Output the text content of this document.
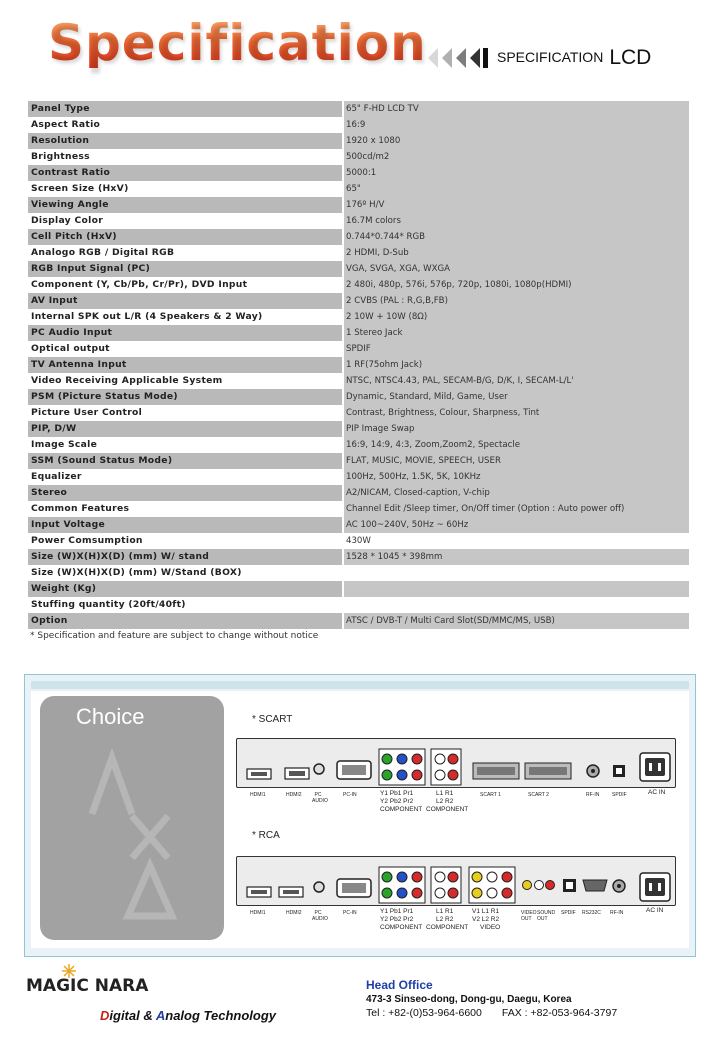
Specification	SPECIFICATION LCD
Panel Type	65" F-HD LCD TV
Aspect Ratio	16:9
Resolution	1920 x 1080
Brightness	500cd/m2
Contrast Ratio	5000:1
Screen Size (HxV)	65"
Viewing Angle	176º H/V
Display Color	16.7M colors
Cell Pitch (HxV)	0.744*0.744* RGB
Analogo RGB / Digital RGB	2 HDMI, D-Sub
RGB Input Signal (PC)	VGA, SVGA, XGA, WXGA
Component (Y, Cb/Pb, Cr/Pr), DVD Input	2 480i, 480p, 576i, 576p, 720p, 1080i, 1080p(HDMI)
AV Input	2 CVBS (PAL : R,G,B,FB)
Internal SPK out L/R (4 Speakers & 2 Way)	2 10W + 10W (8Ω)
PC Audio Input	1 Stereo Jack
Optical output	SPDIF
TV Antenna Input	1 RF(75ohm Jack)
Video Receiving Applicable System	NTSC, NTSC4.43, PAL, SECAM-B/G, D/K, I, SECAM-L/L'
PSM (Picture Status Mode)	Dynamic, Standard, Mild, Game, User
Picture User Control	Contrast, Brightness, Colour, Sharpness, Tint
PIP, D/W	PIP Image Swap
Image Scale	16:9, 14:9, 4:3, Zoom,Zoom2, Spectacle
SSM (Sound Status Mode)	FLAT, MUSIC, MOVIE, SPEECH, USER
Equalizer	100Hz, 500Hz, 1.5K, 5K, 10KHz
Stereo	A2/NICAM, Closed-caption, V-chip
Common Features	Channel Edit /Sleep timer, On/Off timer (Option : Auto power off)
Input Voltage	AC 100~240V, 50Hz ~ 60Hz
Power Comsumption	430W
Size (W)X(H)X(D) (mm) W/ stand	1528 * 1045 * 398mm
Size (W)X(H)X(D) (mm) W/Stand (BOX)
Weight (Kg)
Stuffing quantity (20ft/40ft)
Option	ATSC / DVB-T / Multi Card Slot(SD/MMC/MS, USB)
* Specification and feature are subject to change without notice
Choice	* SCART
HDMI1	HDMI2	PC AUDIO
PC-IN	Y1 Pb1 Pr1
Y2 Pb2 Pr2
COMPONENT
L1 R1
L2 R2
COMPONENT
SCART 1	SCART 2	RF-IN	SPDIF	AC IN
* RCA
HDMI1	HDMI2	PC AUDIO
PC-IN	Y1 Pb1 Pr1
Y2 Pb2 Pr2
COMPONENT
L1 R1
L2 R2
COMPONENT
V1 L1 R1
V2 L2 R2
VIDEO
VIDEO OUT
SOUND OUT
SPDIF RS232C RF-IN	AC IN
MAGIC NARA
Digital & Analog Technology
Head Office
473-3 Sinseo-dong, Dong-gu, Daegu, Korea
Tel : +82-(0)53-964-6600 FAX : +82-053-964-3797
